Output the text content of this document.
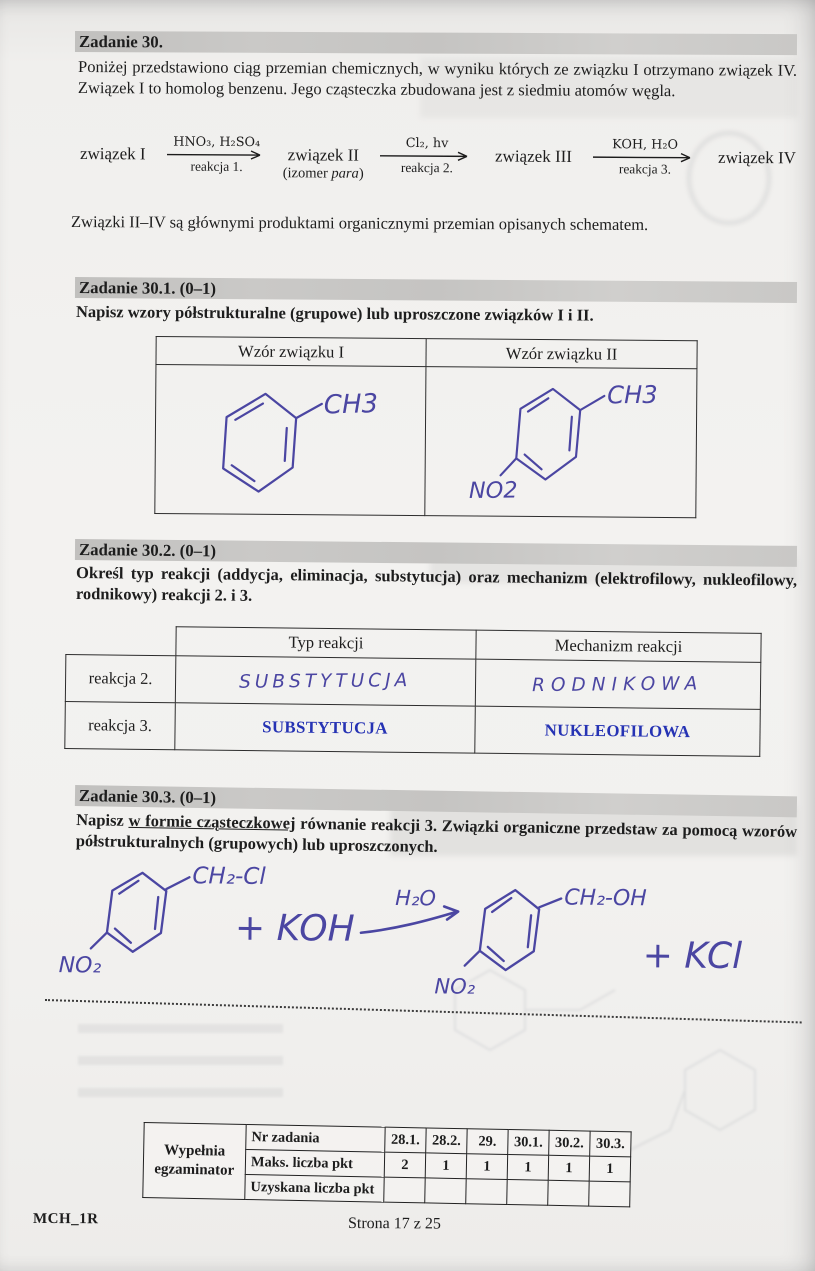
Zadanie 30.
Poniżej przedstawiono ciąg przemian chemicznych, w wyniku których ze związku I otrzymano związek IV. Związek I to homolog benzenu. Jego cząsteczka zbudowana jest z siedmiu atomów węgla.
związek I
HNO₃, H₂SO₄
reakcja 1.
związek II
(izomer para)
Cl₂, hv
reakcja 2.
związek III
KOH, H₂O
reakcja 3.
związek IV
Związki II–IV są głównymi produktami organicznymi przemian opisanych schematem.
Zadanie 30.1. (0–1)
Napisz wzory półstrukturalne (grupowe) lub uproszczone związków I i II.
Wzór związku I	Wzór związku II

CH3	CH3
NO2
Zadanie 30.2. (0–1)
Określ typ reakcji (addycja, eliminacja, substytucja) oraz mechanizm (elektrofilowy, nukleofilowy, rodnikowy) reakcji 2. i 3.
	Typ reakcji	Mechanizm reakcji
reakcja 2.	SUBSTYTUCJA	RODNIKOWA
reakcja 3.	SUBSTYTUCJA	NUKLEOFILOWA
Zadanie 30.3. (0–1)
Napisz w formie cząsteczkowej równanie reakcji 3. Związki organiczne przedstaw za pomocą wzorów półstrukturalnych (grupowych) lub uproszczonych.
CH₂-Cl
NO₂
+ KOH
H₂O	CH₂-OH
NO₂
+ KCl
Wypełnia egzaminator	Nr zadania	28.1.	28.2.	29.	30.1.	30.2.	30.3.
	Maks. liczba pkt	2	1	1	1	1	1
	Uzyskana liczba pkt						
MCH_1R	Strona 17 z 25
